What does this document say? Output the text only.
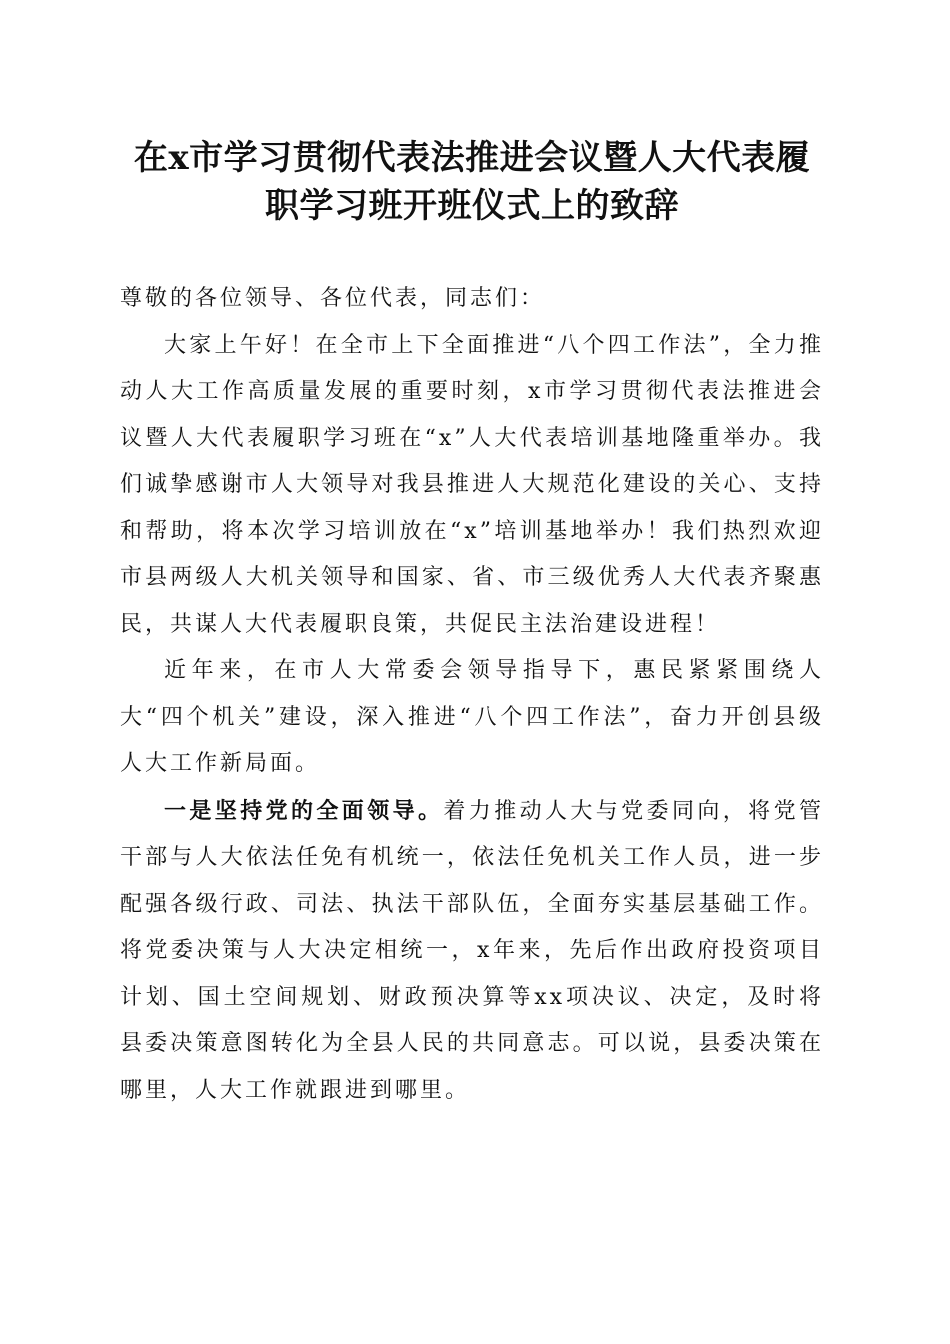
在x市学习贯彻代表法推进会议暨人大代表履
职学习班开班仪式上的致辞

尊敬的各位领导、各位代表，同志们：

大家上午好！在全市上下全面推进“八个四工作法”，全力推动人大工作高质量发展的重要时刻，x市学习贯彻代表法推进会议暨人大代表履职学习班在“x”人大代表培训基地隆重举办。我们诚挚感谢市人大领导对我县推进人大规范化建设的关心、支持和帮助，将本次学习培训放在“x”培训基地举办！我们热烈欢迎市县两级人大机关领导和国家、省、市三级优秀人大代表齐聚惠民，共谋人大代表履职良策，共促民主法治建设进程！

近年来，在市人大常委会领导指导下，惠民紧紧围绕人大“四个机关”建设，深入推进“八个四工作法”，奋力开创县级人大工作新局面。

一是坚持党的全面领导。着力推动人大与党委同向，将党管干部与人大依法任免有机统一，依法任免机关工作人员，进一步配强各级行政、司法、执法干部队伍，全面夯实基层基础工作。将党委决策与人大决定相统一，x年来，先后作出政府投资项目计划、国土空间规划、财政预决算等xx项决议、决定，及时将县委决策意图转化为全县人民的共同意志。可以说，县委决策在哪里，人大工作就跟进到哪里。
